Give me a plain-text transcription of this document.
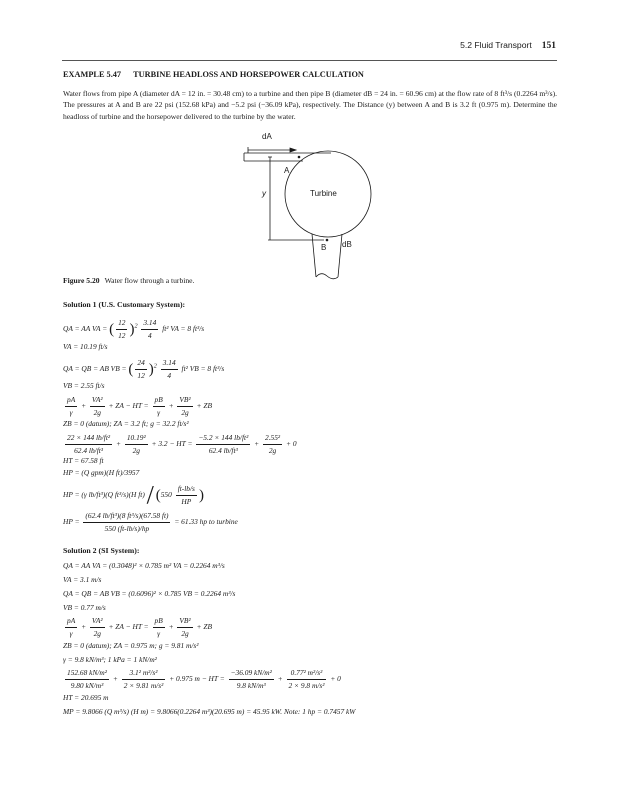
5.2 Fluid Transport 151
EXAMPLE 5.47 TURBINE HEADLOSS AND HORSEPOWER CALCULATION
Water flows from pipe A (diameter dA = 12 in. = 30.48 cm) to a turbine and then pipe B (diameter dB = 24 in. = 60.96 cm) at the flow rate of 8 ft³/s (0.2264 m³/s). The pressures at A and B are 22 psi (152.68 kPa) and −5.2 psi (−36.09 kPa), respectively. The Distance (y) between A and B is 3.2 ft (0.975 m). Determine the headloss of turbine and the horsepower delivered to the turbine by the water.
dA
A
y	Turbine
B dB
Figure 5.20 Water flow through a turbine.
Solution 1 (U.S. Customary System):
QA = AA VA = ( $\frac{12}{12} )^2 \frac{3.14}{4} ft^2$ VA = 8 ft³/s
VA = 10.19 ft/s
QA = QB = AB VB = ( $\frac{24}{12} )^2 \frac{3.14}{4} ft^2$ VB = 8 ft³/s
VB = 2.55 ft/s
$\frac{pA}{\gamma} + \frac{\text{VA²}}{2g}$ + ZA − HT = $\frac{pB}{\gamma} + \frac{\text{VB²}}{2g}$ + ZB
ZB = 0 (datum); ZA = 3.2 ft; g = 32.2 ft/s²
$\frac{\text{22 × 144 lb/ft²}}{\text{62.4 lb/ft³}} + \frac{\text{10.19²}}{2g} + 3.2$ − HT = $\frac{\text{−5.2 × 144 lb/ft²}}{\text{62.4 lb/ft³}} + \frac{\text{2.55²}}{2g} + 0$
HT = 67.58 ft
HP = (Q gpm)(H ft)/3957
HP = (γ lb/ft³)(Q ft³/s)(H $ft) / (550 \frac{ft-lb/s}{HP}$ )
HP = $\frac{\text{(62.4 lb/ft³)(8 ft³/s)(67.58 ft)}}{550 (ft-lb/s)/hp} = 61.33$ hp to turbine
Solution 2 (SI System):
QA = AA VA = (0.3048)² × 0.785 m² VA = 0.2264 m³/s
VA = 3.1 m/s
QA = QB = AB VB = (0.6096)² × 0.785 VB = 0.2264 m³/s
VB = 0.77 m/s
$\frac{pA}{\gamma} + \frac{\text{VA²}}{2g}$ + ZA − HT = $\frac{pB}{\gamma} + \frac{\text{VB²}}{2g}$ + ZB
ZB = 0 (datum); ZA = 0.975 m; g = 9.81 m/s²
γ = 9.8 kN/m³; 1 kPa = 1 kN/m²
$\frac{\text{152.68 kN/m²}}{\text{9.80 kN/m³}} + \frac{\text{3.1² m²/s²}}{\text{2 × 9.81 m/s²}} + 0.975$ m − HT = $\frac{\text{−36.09 kN/m²}}{\text{9.8 kN/m³}} + \frac{\text{0.77² m²/s²}}{\text{2 × 9.8 m/s²}} + 0$
HT = 20.695 m
MP = 9.8066 (Q m³/s) (H m) = 9.8066(0.2264 m³)(20.695 m) = 45.95 kW. Note: 1 hp = 0.7457 kW
